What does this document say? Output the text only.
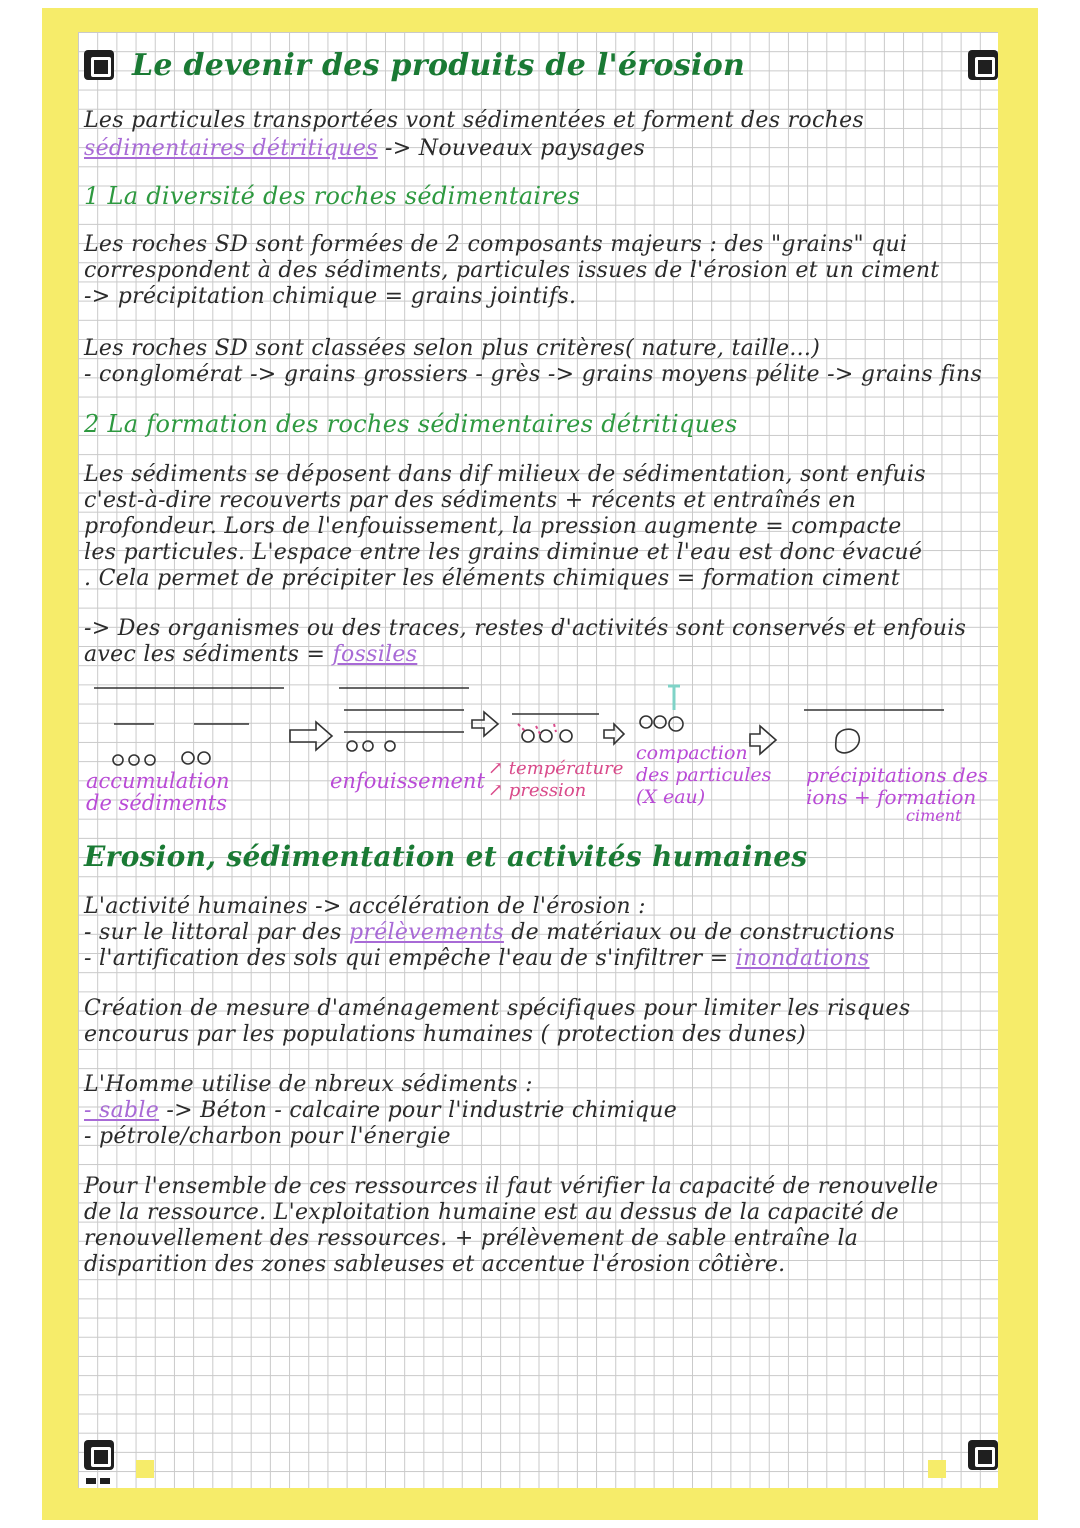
Le devenir des produits de l'érosion
Les particules transportées vont sédimentées et forment des roches
sédimentaires détritiques -> Nouveaux paysages
1 La diversité des roches sédimentaires
Les roches SD sont formées de 2 composants majeurs : des "grains" qui
correspondent à des sédiments, particules issues de l'érosion et un ciment
-> précipitation chimique = grains jointifs.
Les roches SD sont classées selon plus critères( nature, taille...)
- conglomérat -> grains grossiers - grès -> grains moyens pélite -> grains fins
2 La formation des roches sédimentaires détritiques
Les sédiments se déposent dans dif milieux de sédimentation, sont enfuis
c'est-à-dire recouverts par des sédiments + récents et entraînés en
profondeur. Lors de l'enfouissement, la pression augmente = compacte
les particules. L'espace entre les grains diminue et l'eau est donc évacué
. Cela permet de précipiter les éléments chimiques = formation ciment
-> Des organismes ou des traces, restes d'activités sont conservés et enfouis
avec les sédiments = fossiles
accumulation
de sédiments
enfouissement
↗ température
↗ pression
compaction
des particules
(X eau)
précipitations des
ions + formation
ciment
Erosion, sédimentation et activités humaines
L'activité humaines -> accélération de l'érosion :
- sur le littoral par des prélèvements de matériaux ou de constructions
- l'artification des sols qui empêche l'eau de s'infiltrer = inondations
Création de mesure d'aménagement spécifiques pour limiter les risques
encourus par les populations humaines ( protection des dunes)
L'Homme utilise de nbreux sédiments :
- sable -> Béton - calcaire pour l'industrie chimique
- pétrole/charbon pour l'énergie
Pour l'ensemble de ces ressources il faut vérifier la capacité de renouvelle
de la ressource. L'exploitation humaine est au dessus de la capacité de
renouvellement des ressources. + prélèvement de sable entraîne la
disparition des zones sableuses et accentue l'érosion côtière.
